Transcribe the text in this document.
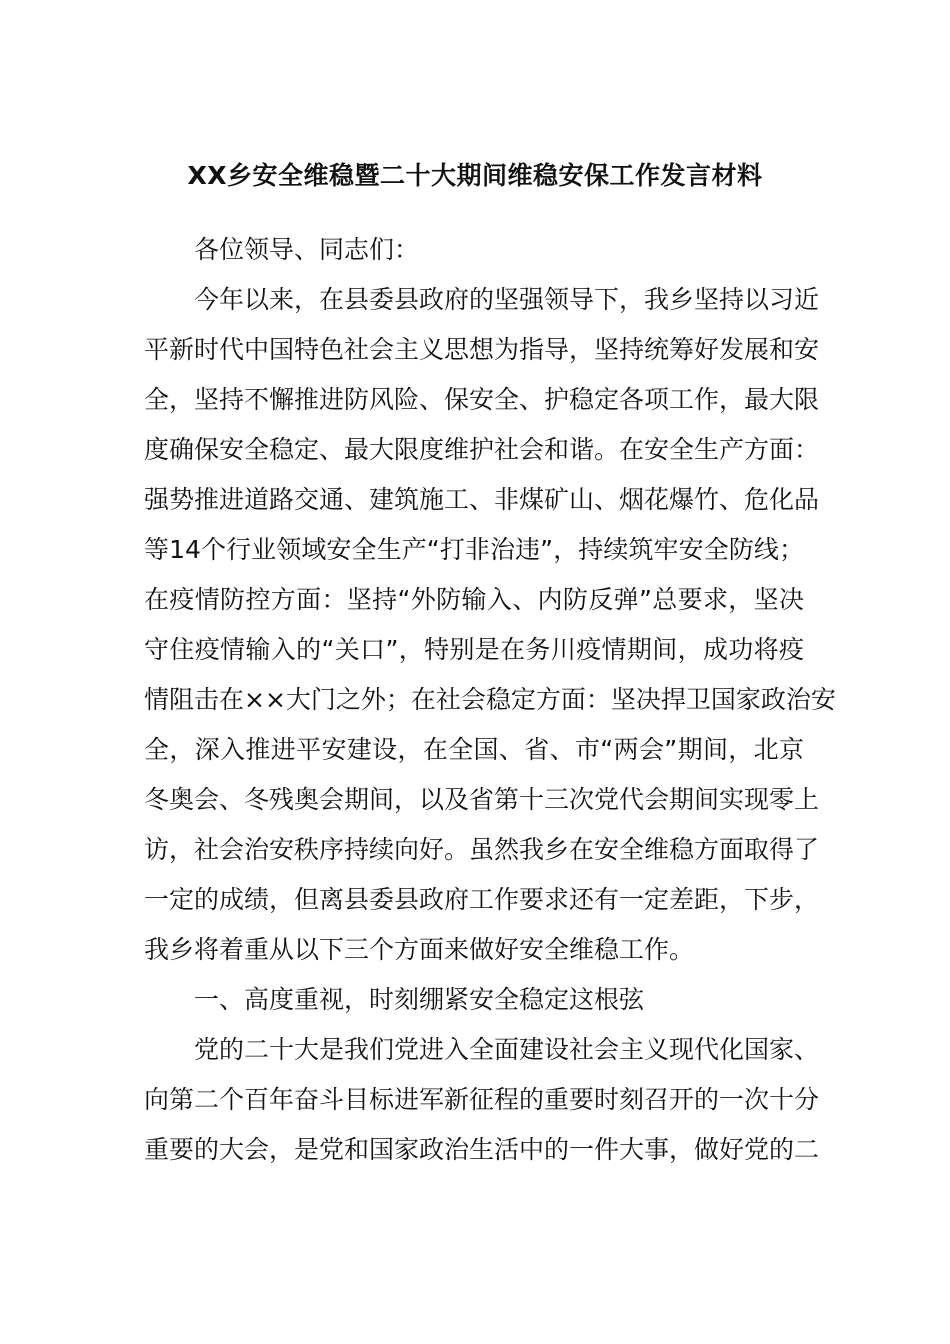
XX乡安全维稳暨二十大期间维稳安保工作发言材料

各位领导、同志们：

今年以来，在县委县政府的坚强领导下，我乡坚持以习近
平新时代中国特色社会主义思想为指导，坚持统筹好发展和安
全，坚持不懈推进防风险、保安全、护稳定各项工作，最大限
度确保安全稳定、最大限度维护社会和谐。在安全生产方面：
强势推进道路交通、建筑施工、非煤矿山、烟花爆竹、危化品
等14个行业领域安全生产“打非治违”，持续筑牢安全防线；
在疫情防控方面：坚持“外防输入、内防反弹”总要求，坚决
守住疫情输入的“关口”，特别是在务川疫情期间，成功将疫
情阻击在××大门之外；在社会稳定方面：坚决捍卫国家政治安
全，深入推进平安建设，在全国、省、市“两会”期间，北京
冬奥会、冬残奥会期间，以及省第十三次党代会期间实现零上
访，社会治安秩序持续向好。虽然我乡在安全维稳方面取得了
一定的成绩，但离县委县政府工作要求还有一定差距，下步，
我乡将着重从以下三个方面来做好安全维稳工作。

一、高度重视，时刻绷紧安全稳定这根弦

党的二十大是我们党进入全面建设社会主义现代化国家、
向第二个百年奋斗目标进军新征程的重要时刻召开的一次十分
重要的大会，是党和国家政治生活中的一件大事，做好党的二
